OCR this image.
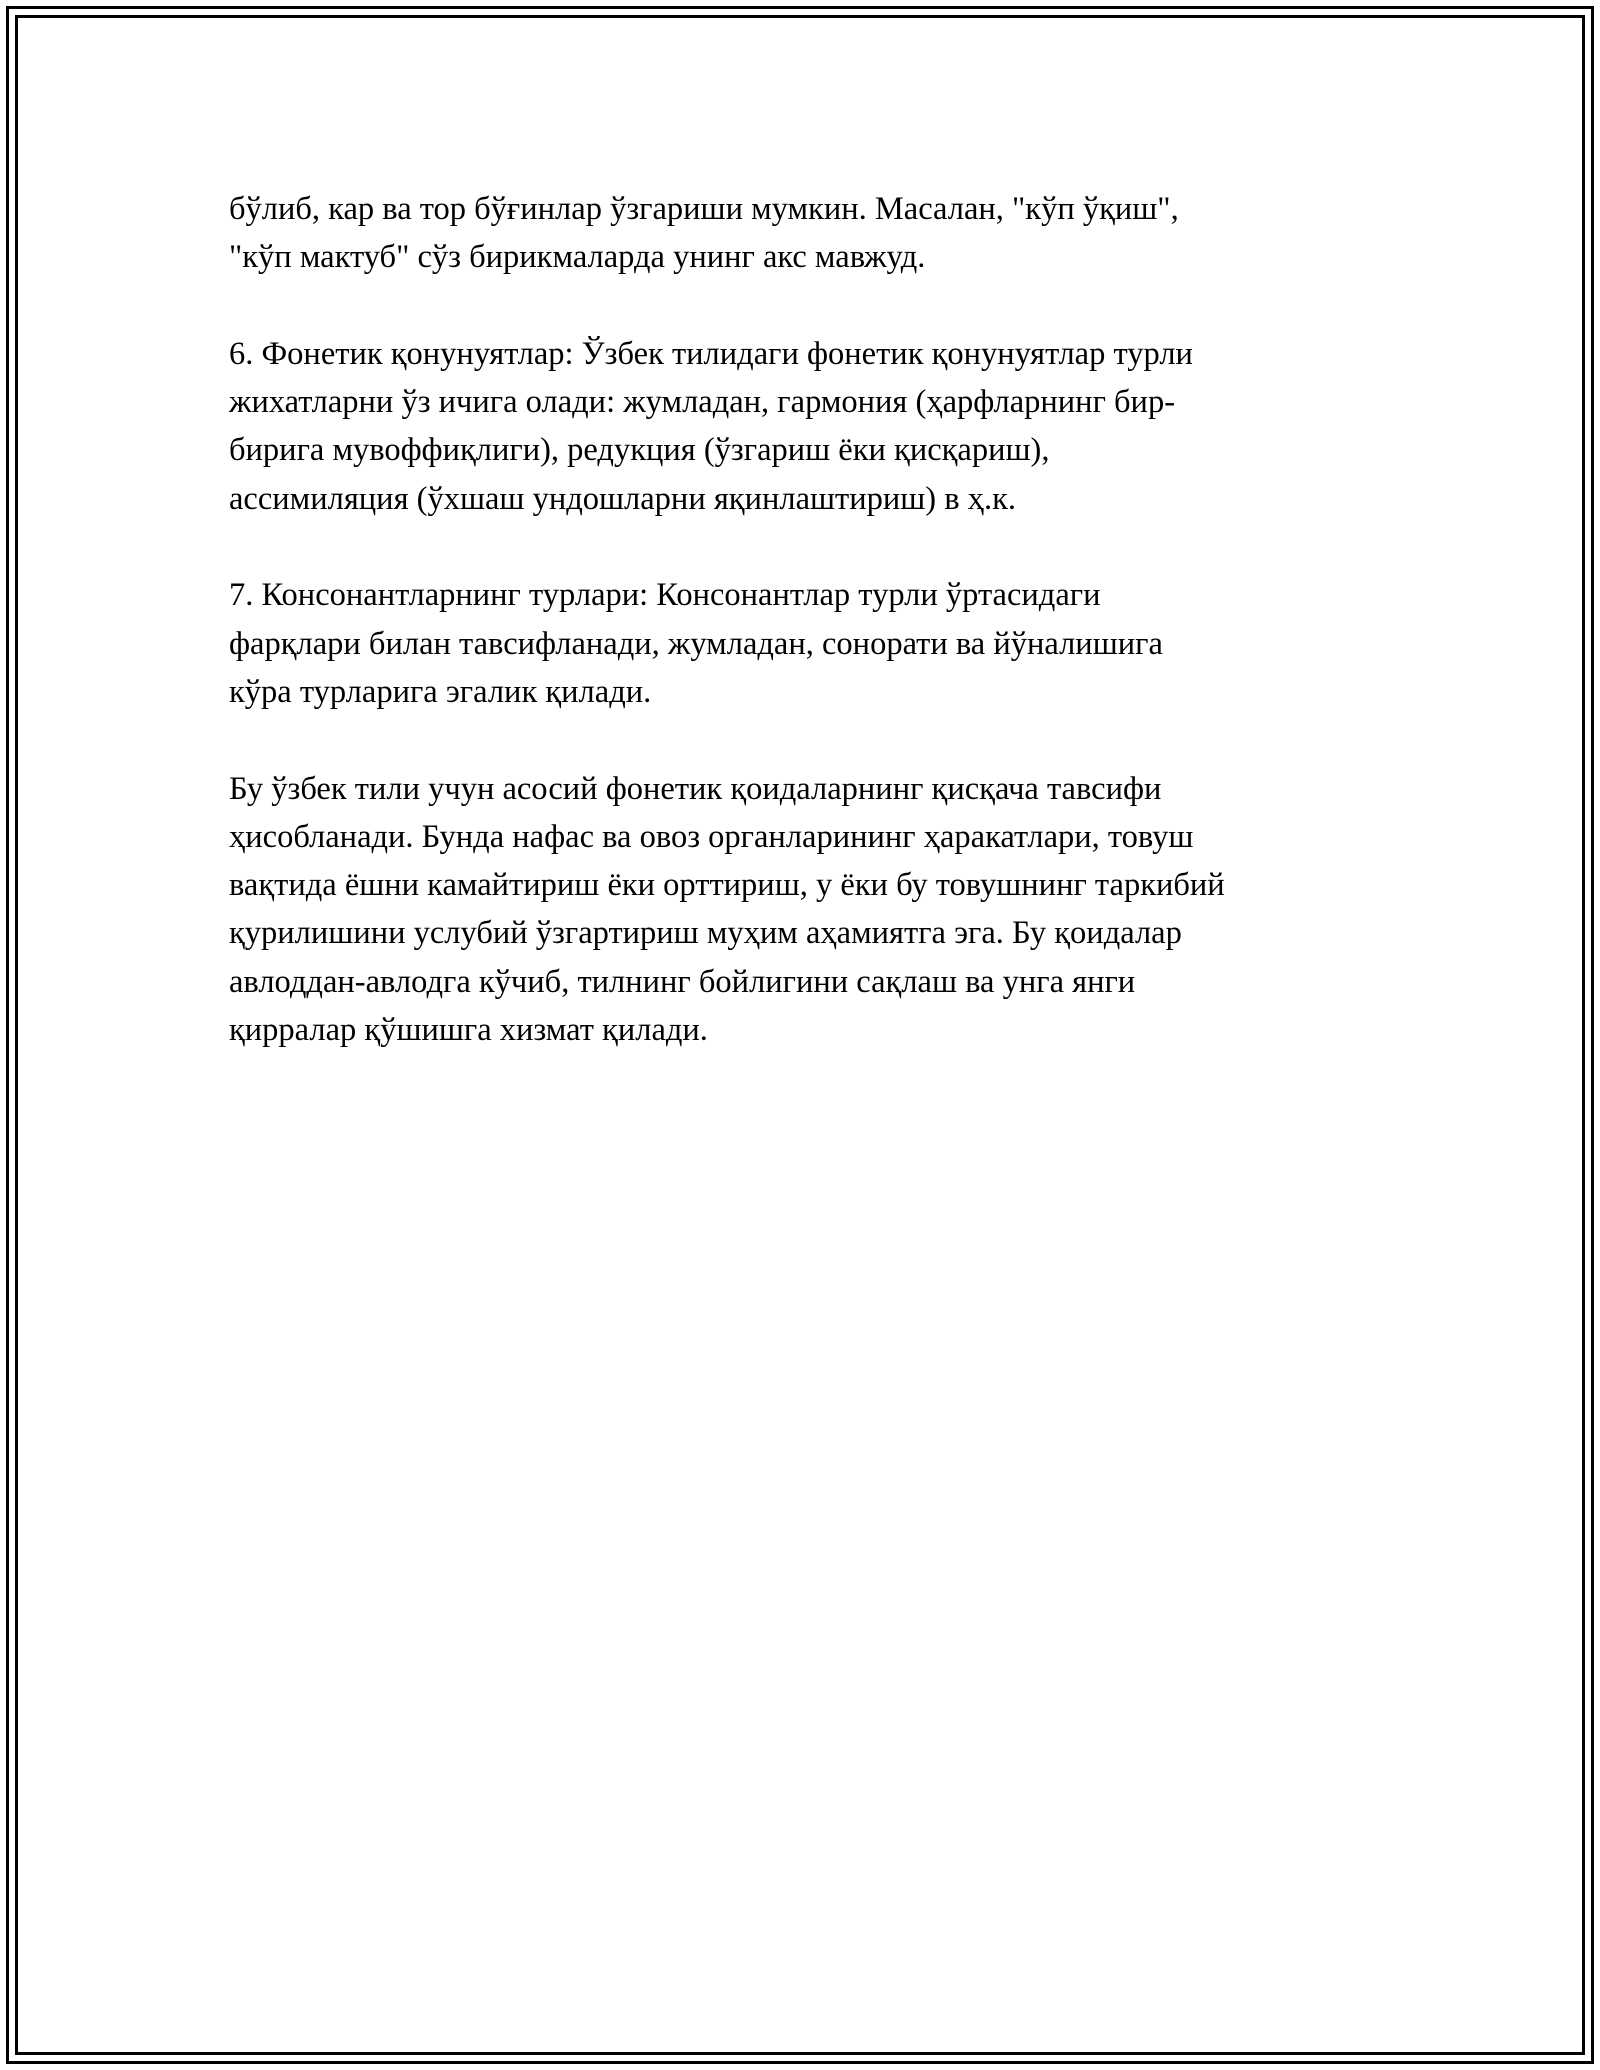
бўлиб, кар ва тор бўғинлар ўзгариши мумкин. Масалан, "кўп ўқиш",
"кўп мактуб" сўз бирикмаларда унинг акс мавжуд.

6. Фонетик қонунуятлар: Ўзбек тилидаги фонетик қонунуятлар турли
жихатларни ўз ичига олади: жумладан, гармония (ҳарфларнинг бир-
бирига мувоффиқлиги), редукция (ўзгариш ёки қисқариш),
ассимиляция (ўхшаш ундошларни яқинлаштириш) в ҳ.к.

7. Консонантларнинг турлари: Консонантлар турли ўртасидаги
фарқлари билан тавсифланади, жумладан, сонорати ва йўналишига
кўра турларига эгалик қилади.

Бу ўзбек тили учун асосий фонетик қоидаларнинг қисқача тавсифи
ҳисобланади. Бунда нафас ва овоз органларининг ҳаракатлари, товуш
вақтида ёшни камайтириш ёки орттириш, у ёки бу товушнинг таркибий
қурилишини услубий ўзгартириш муҳим аҳамиятга эга. Бу қоидалар
авлоддан-авлодга кўчиб, тилнинг бойлигини сақлаш ва унга янги
қирралар қўшишга хизмат қилади.
